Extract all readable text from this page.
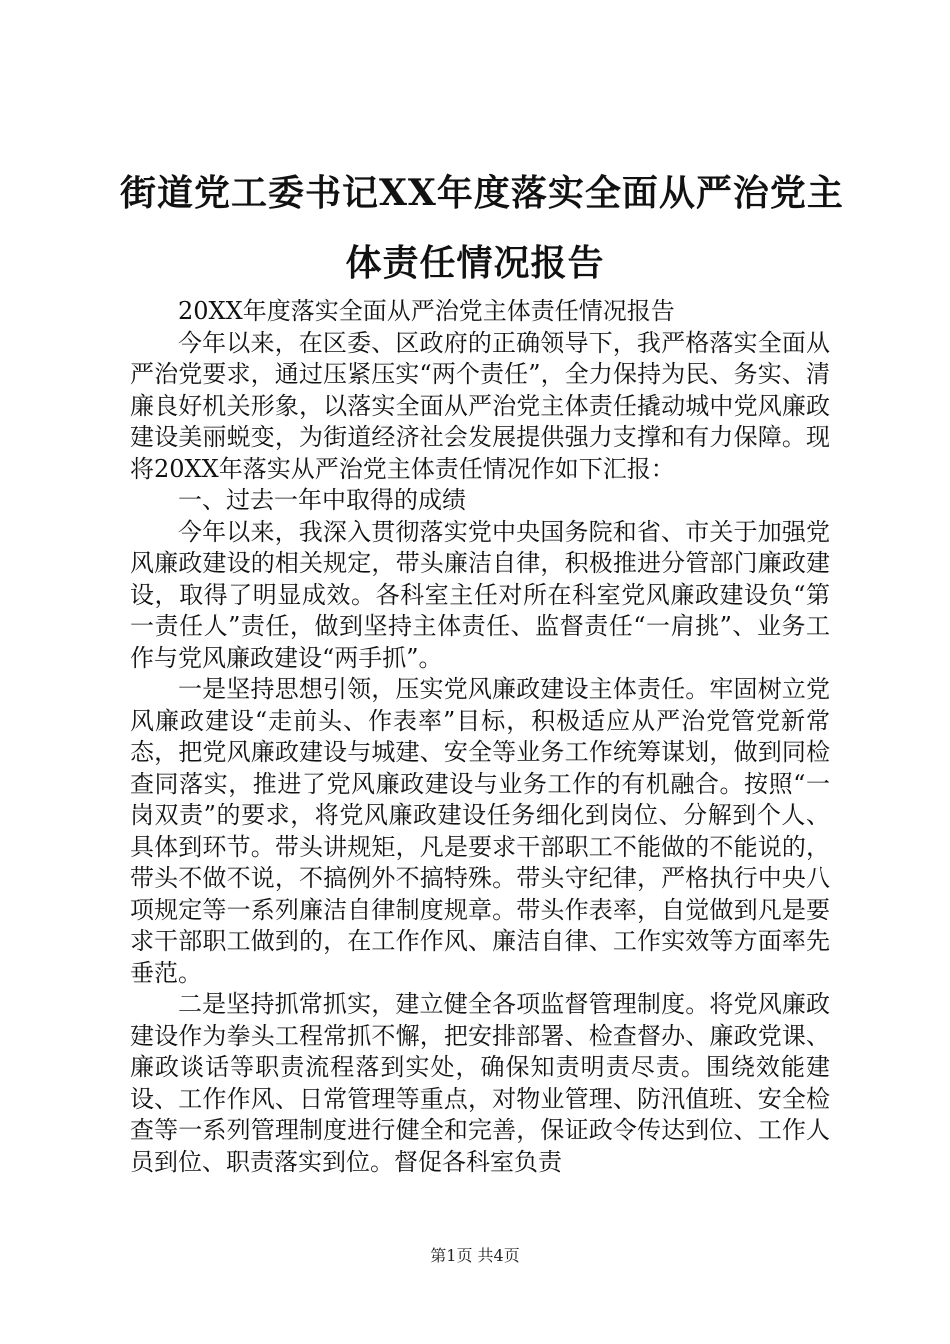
街道党工委书记XX年度落实全面从严治党主
体责任情况报告

20XX年度落实全面从严治党主体责任情况报告

今年以来，在区委、区政府的正确领导下，我严格落实全面从严治党要求，通过压紧压实“两个责任”，全力保持为民、务实、清廉良好机关形象，以落实全面从严治党主体责任撬动城中党风廉政建设美丽蜕变，为街道经济社会发展提供强力支撑和有力保障。现将20XX年落实从严治党主体责任情况作如下汇报：

一、过去一年中取得的成绩

今年以来，我深入贯彻落实党中央国务院和省、市关于加强党风廉政建设的相关规定，带头廉洁自律，积极推进分管部门廉政建设，取得了明显成效。各科室主任对所在科室党风廉政建设负“第一责任人”责任，做到坚持主体责任、监督责任“一肩挑”、业务工作与党风廉政建设“两手抓”。

一是坚持思想引领，压实党风廉政建设主体责任。牢固树立党风廉政建设“走前头、作表率”目标，积极适应从严治党管党新常态，把党风廉政建设与城建、安全等业务工作统筹谋划，做到同检查同落实，推进了党风廉政建设与业务工作的有机融合。按照“一岗双责”的要求，将党风廉政建设任务细化到岗位、分解到个人、具体到环节。带头讲规矩，凡是要求干部职工不能做的不能说的，带头不做不说，不搞例外不搞特殊。带头守纪律，严格执行中央八项规定等一系列廉洁自律制度规章。带头作表率，自觉做到凡是要求干部职工做到的，在工作作风、廉洁自律、工作实效等方面率先垂范。

二是坚持抓常抓实，建立健全各项监督管理制度。将党风廉政建设作为拳头工程常抓不懈，把安排部署、检查督办、廉政党课、廉政谈话等职责流程落到实处，确保知责明责尽责。围绕效能建设、工作作风、日常管理等重点，对物业管理、防汛值班、安全检查等一系列管理制度进行健全和完善，保证政令传达到位、工作人员到位、职责落实到位。督促各科室负责

第1页 共4页
